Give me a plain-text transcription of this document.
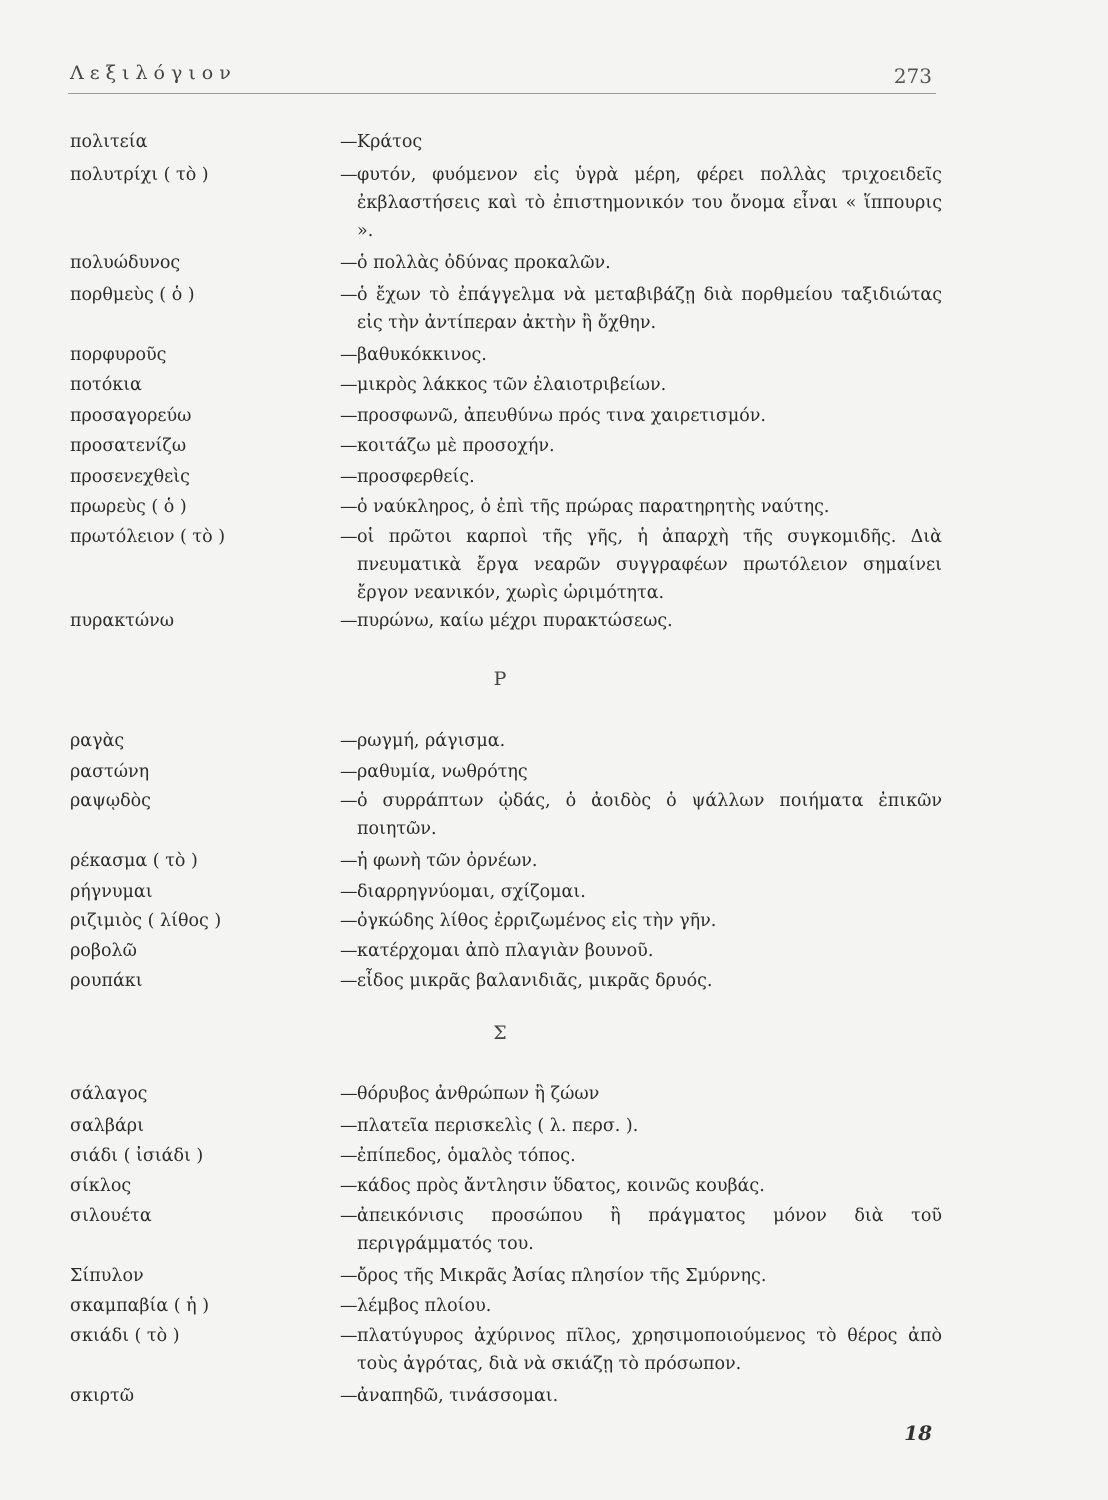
Λεξιλόγιον	273
πολιτεία	— Κράτος
πολυτρίχι ( τὸ )	— φυτόν, φυόμενον εἰς ὑγρὰ μέρη, φέρει πολλὰς τριχοειδεῖς ἐκβλαστήσεις καὶ τὸ ἐπιστημονικόν του ὄνομα εἶναι « ἵππουρις ».
πολυώδυνος	— ὁ πολλὰς ὀδύνας προκαλῶν.
πορθμεὺς ( ὁ )	— ὁ ἔχων τὸ ἐπάγγελμα νὰ μεταβιβάζῃ διὰ πορθμείου ταξιδιώτας εἰς τὴν ἀντίπεραν ἀκτὴν ἢ ὄχθην.
πορφυροῦς	— βαθυκόκκινος.
ποτόκια	— μικρὸς λάκκος τῶν ἐλαιοτριβείων.
προσαγορεύω	— προσφωνῶ, ἀπευθύνω πρός τινα χαιρετισμόν.
προσατενίζω	— κοιτάζω μὲ προσοχήν.
προσενεχθεὶς	— προσφερθείς.
πρωρεὺς ( ὁ )	— ὁ ναύκληρος, ὁ ἐπὶ τῆς πρώρας παρατηρητὴς ναύτης.
πρωτόλειον ( τὸ )	— οἱ πρῶτοι καρποὶ τῆς γῆς, ἡ ἀπαρχὴ τῆς συγκομιδῆς. Διὰ πνευματικὰ ἔργα νεαρῶν συγγραφέων πρωτόλειον σημαίνει ἔργον νεανικόν, χωρὶς ὡριμότητα.
πυρακτώνω	— πυρώνω, καίω μέχρι πυρακτώσεως.
Ρ
ραγὰς	— ρωγμή, ράγισμα.
ραστώνη	— ραθυμία, νωθρότης
ραψῳδὸς	— ὁ συρράπτων ᾠδάς, ὁ ἀοιδὸς ὁ ψάλλων ποιήματα ἐπικῶν ποιητῶν.
ρέκασμα ( τὸ )	— ἡ φωνὴ τῶν ὀρνέων.
ρήγνυμαι	— διαρρηγνύομαι, σχίζομαι.
ριζιμιὸς ( λίθος )	— ὀγκώδης λίθος ἐρριζωμένος εἰς τὴν γῆν.
ροβολῶ	— κατέρχομαι ἀπὸ πλαγιὰν βουνοῦ.
ρουπάκι	— εἶδος μικρᾶς βαλανιδιᾶς, μικρᾶς δρυός.
Σ
σάλαγος	— θόρυβος ἀνθρώπων ἢ ζώων
σαλβάρι	— πλατεῖα περισκελὶς ( λ. περσ. ).
σιάδι ( ἰσιάδι )	— ἐπίπεδος, ὁμαλὸς τόπος.
σίκλος	— κάδος πρὸς ἄντλησιν ὕδατος, κοινῶς κουβάς.
σιλουέτα	— ἀπεικόνισις προσώπου ἢ πράγματος μόνον διὰ τοῦ περιγράμματός του.
Σίπυλον	— ὄρος τῆς Μικρᾶς Ἀσίας πλησίον τῆς Σμύρνης.
σκαμπαβία ( ἡ )	— λέμβος πλοίου.
σκιάδι ( τὸ )	— πλατύγυρος ἀχύρινος πῖλος, χρησιμοποιούμενος τὸ θέρος ἀπὸ τοὺς ἀγρότας, διὰ νὰ σκιάζῃ τὸ πρόσωπον.
σκιρτῶ	— ἀναπηδῶ, τινάσσομαι.
18
